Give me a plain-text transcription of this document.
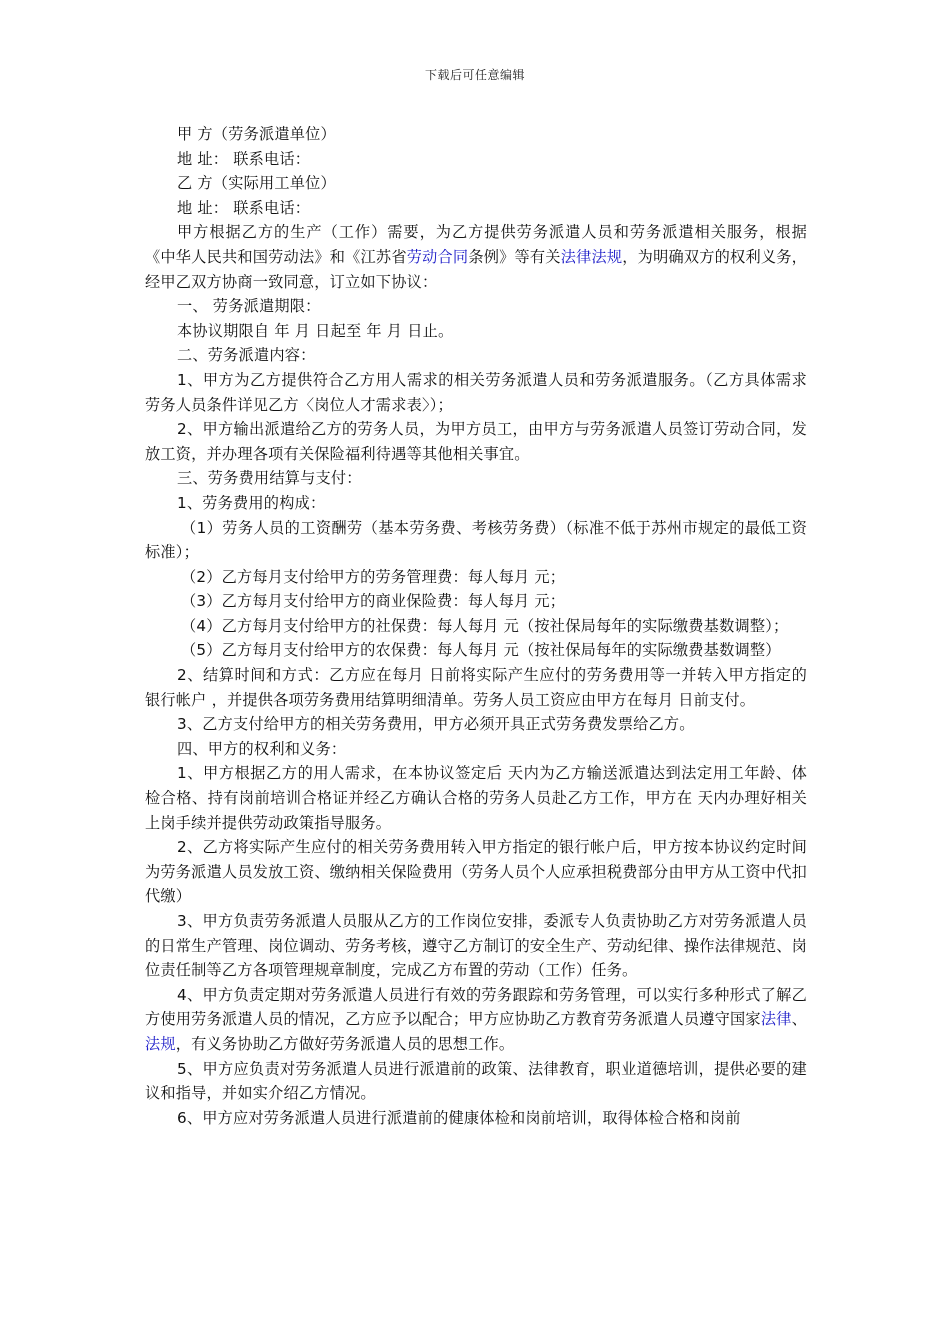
下载后可任意编辑

甲 方（劳务派遣单位）

地 址： 联系电话：

乙 方（实际用工单位）

地 址： 联系电话：

甲方根据乙方的生产（工作）需要，为乙方提供劳务派遣人员和劳务派遣相关服务，根据《中华人民共和国劳动法》和《江苏省劳动合同条例》等有关法律法规，为明确双方的权利义务，经甲乙双方协商一致同意，订立如下协议：

一、 劳务派遣期限：

本协议期限自 年 月 日起至 年 月 日止。

二、劳务派遣内容：

1、甲方为乙方提供符合乙方用人需求的相关劳务派遣人员和劳务派遣服务。（乙方具体需求劳务人员条件详见乙方〈岗位人才需求表〉）；

2、甲方输出派遣给乙方的劳务人员，为甲方员工，由甲方与劳务派遣人员签订劳动合同，发放工资，并办理各项有关保险福利待遇等其他相关事宜。

三、劳务费用结算与支付：

1、劳务费用的构成：

（1）劳务人员的工资酬劳（基本劳务费、考核劳务费）（标准不低于苏州市规定的最低工资标准）；

（2）乙方每月支付给甲方的劳务管理费：每人每月 元；

（3）乙方每月支付给甲方的商业保险费：每人每月 元；

（4）乙方每月支付给甲方的社保费：每人每月 元（按社保局每年的实际缴费基数调整）；

（5）乙方每月支付给甲方的农保费：每人每月 元（按社保局每年的实际缴费基数调整）

2、结算时间和方式：乙方应在每月 日前将实际产生应付的劳务费用等一并转入甲方指定的银行帐户 ，并提供各项劳务费用结算明细清单。劳务人员工资应由甲方在每月 日前支付。

3、乙方支付给甲方的相关劳务费用，甲方必须开具正式劳务费发票给乙方。

四、甲方的权利和义务：

1、甲方根据乙方的用人需求，在本协议签定后 天内为乙方输送派遣达到法定用工年龄、体检合格、持有岗前培训合格证并经乙方确认合格的劳务人员赴乙方工作，甲方在 天内办理好相关上岗手续并提供劳动政策指导服务。

2、乙方将实际产生应付的相关劳务费用转入甲方指定的银行帐户后，甲方按本协议约定时间为劳务派遣人员发放工资、缴纳相关保险费用（劳务人员个人应承担税费部分由甲方从工资中代扣代缴）

3、甲方负责劳务派遣人员服从乙方的工作岗位安排，委派专人负责协助乙方对劳务派遣人员的日常生产管理、岗位调动、劳务考核，遵守乙方制订的安全生产、劳动纪律、操作法律规范、岗位责任制等乙方各项管理规章制度，完成乙方布置的劳动（工作）任务。

4、甲方负责定期对劳务派遣人员进行有效的劳务跟踪和劳务管理，可以实行多种形式了解乙方使用劳务派遣人员的情况，乙方应予以配合；甲方应协助乙方教育劳务派遣人员遵守国家法律、法规，有义务协助乙方做好劳务派遣人员的思想工作。

5、甲方应负责对劳务派遣人员进行派遣前的政策、法律教育，职业道德培训，提供必要的建议和指导，并如实介绍乙方情况。

6、甲方应对劳务派遣人员进行派遣前的健康体检和岗前培训，取得体检合格和岗前
